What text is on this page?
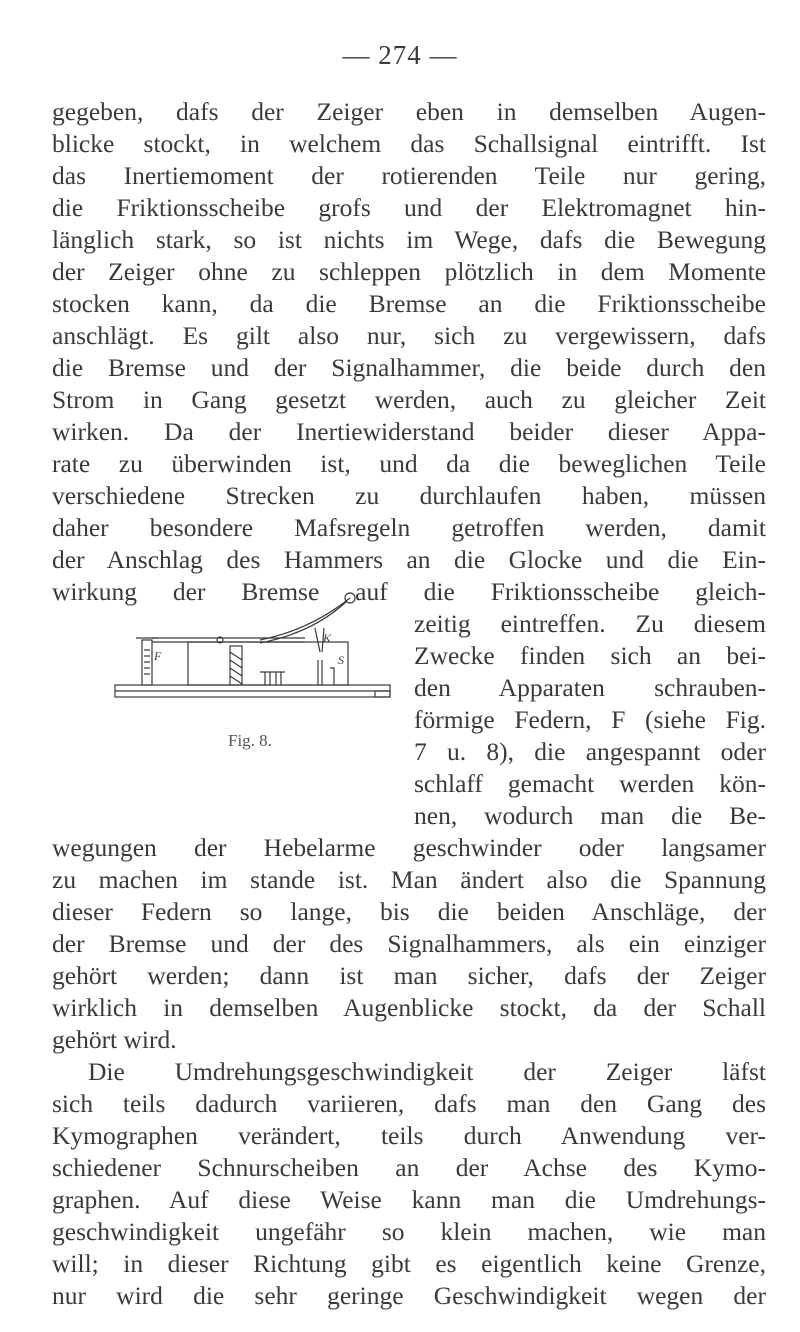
— 274 —
gegeben, dafs der Zeiger eben in demselben Augen-
blicke stockt, in welchem das Schallsignal eintrifft. Ist
das Inertiemoment der rotierenden Teile nur gering,
die Friktionsscheibe grofs und der Elektromagnet hin-
länglich stark, so ist nichts im Wege, dafs die Bewegung
der Zeiger ohne zu schleppen plötzlich in dem Momente
stocken kann, da die Bremse an die Friktionsscheibe
anschlägt. Es gilt also nur, sich zu vergewissern, dafs
die Bremse und der Signalhammer, die beide durch den
Strom in Gang gesetzt werden, auch zu gleicher Zeit
wirken. Da der Inertiewiderstand beider dieser Appa-
rate zu überwinden ist, und da die beweglichen Teile
verschiedene Strecken zu durchlaufen haben, müssen
daher besondere Mafsregeln getroffen werden, damit
der Anschlag des Hammers an die Glocke und die Ein-
wirkung der Bremse auf die Friktionsscheibe gleich-
zeitig eintreffen. Zu diesem
Zwecke finden sich an bei-
den Apparaten schrauben-
förmige Federn, F (siehe Fig.
7 u. 8), die angespannt oder
schlaff gemacht werden kön-
nen, wodurch man die Be-
wegungen der Hebelarme geschwinder oder langsamer
zu machen im stande ist. Man ändert also die Spannung
dieser Federn so lange, bis die beiden Anschläge, der
der Bremse und der des Signalhammers, als ein einziger
gehört werden; dann ist man sicher, dafs der Zeiger
wirklich in demselben Augenblicke stockt, da der Schall
gehört wird.
Die Umdrehungsgeschwindigkeit der Zeiger läfst
sich teils dadurch variieren, dafs man den Gang des
Kymographen verändert, teils durch Anwendung ver-
schiedener Schnurscheiben an der Achse des Kymo-
graphen. Auf diese Weise kann man die Umdrehungs-
geschwindigkeit ungefähr so klein machen, wie man
will; in dieser Richtung gibt es eigentlich keine Grenze,
nur wird die sehr geringe Geschwindigkeit wegen der
F
K
S
Fig. 8.
